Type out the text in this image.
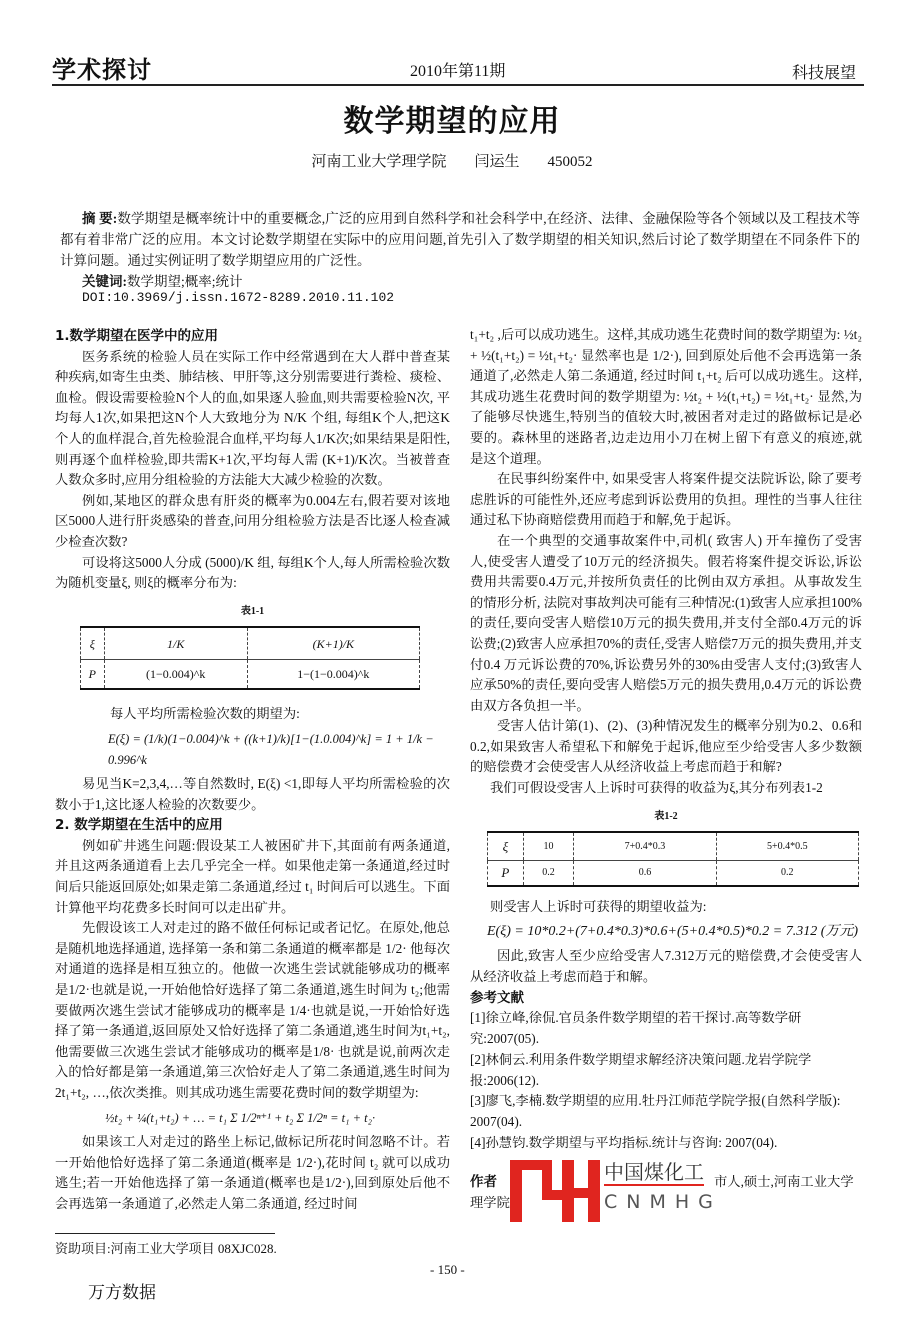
学术探讨	2010年第11期	科技展望
数学期望的应用
河南工业大学理学院 闫运生 450052
摘 要:数学期望是概率统计中的重要概念,广泛的应用到自然科学和社会科学中,在经济、法律、金融保险等各个领域以及工程技术等都有着非常广泛的应用。本文讨论数学期望在实际中的应用问题,首先引入了数学期望的相关知识,然后讨论了数学期望在不同条件下的计算问题。通过实例证明了数学期望应用的广泛性。
关键词:数学期望;概率;统计
DOI:10.3969/j.issn.1672-8289.2010.11.102
1.数学期望在医学中的应用

医务系统的检验人员在实际工作中经常遇到在大人群中普查某种疾病,如寄生虫类、肺结核、甲肝等,这分别需要进行粪检、痰检、血检。假设需要检验N个人的血,如果逐人验血,则共需要检验N次, 平均每人1次,如果把这N个人大致地分为 N/K 个组, 每组K个人,把这K个人的血样混合,首先检验混合血样,平均每人1/K次;如果结果是阳性,则再逐个血样检验,即共需K+1次,平均每人需 (K+1)/K次。当被普查人数众多时,应用分组检验的方法能大大减少检验的次数。

例如,某地区的群众患有肝炎的概率为0.004左右,假若要对该地区5000人进行肝炎感染的普查,问用分组检验方法是否比逐人检查减少检查次数?

可设将这5000人分成 (5000)/K 组, 每组K个人,每人所需检验次数为随机变量ξ, 则ξ的概率分布为:

表1-1
ξ	1/K	(K+1)/K
P	(1−0.004)^k	1−(1−0.004)^k

每人平均所需检验次数的期望为:

E(ξ) = (1/k)(1−0.004)^k + ((k+1)/k)[1−(1.0.004)^k] = 1 + 1/k − 0.996^k

易见当K=2,3,4,…等自然数时, E(ξ) <1,即每人平均所需检验的次数小于1,这比逐人检验的次数要少。

2. 数学期望在生活中的应用

例如矿井逃生问题:假设某工人被困矿井下,其面前有两条通道, 并且这两条通道看上去几乎完全一样。如果他走第一条通道,经过时间后只能返回原处;如果走第二条通道,经过 t₁ 时间后可以逃生。下面计算他平均花费多长时间可以走出矿井。

先假设该工人对走过的路不做任何标记或者记忆。在原处,他总是随机地选择通道, 选择第一条和第二条通道的概率都是 1/2· 他每次对通道的选择是相互独立的。他做一次逃生尝试就能够成功的概率是1/2·也就是说,一开始他恰好选择了第二条通道,逃生时间为 t₂;他需要做两次逃生尝试才能够成功的概率是 1/4·也就是说,一开始恰好选择了第一条通道,返回原处又恰好选择了第二条通道,逃生时间为t₁+t₂,他需要做三次逃生尝试才能够成功的概率是1/8· 也就是说,前两次走入的恰好都是第一条通道,第三次恰好走人了第二条通道,逃生时间为 2t₁+t₂, …,依次类推。则其成功逃生需要花费时间的数学期望为:

½t₂ + ¼(t₁+t₂) + … = t₁ Σ 1/2ⁿ⁺¹ + t₂ Σ 1/2ⁿ = t₁ + t₂·

如果该工人对走过的路坐上标记,做标记所花时间忽略不计。若一开始他恰好选择了第二条通道(概率是 1/2·),花时间 t₂ 就可以成功逃生;若一开始他选择了第一条通道(概率也是1/2·),回到原处后他不会再选第一条通道了,必然走人第二条通道, 经过时间

t₁+t₂ ,后可以成功逃生。这样,其成功逃生花费时间的数学期望为: ½t₂ + ½(t₁+t₂) = ½t₁+t₂· 显然率也是 1/2·), 回到原处后他不会再选第一条通道了,必然走人第二条通道, 经过时间 t₁+t₂ 后可以成功逃生。这样,其成功逃生花费时间的数学期望为: ½t₂ + ½(t₁+t₂) = ½t₁+t₂· 显然,为了能够尽快逃生,特别当的值较大时,被困者对走过的路做标记是必要的。森林里的迷路者,边走边用小刀在树上留下有意义的痕迹,就是这个道理。

在民事纠纷案件中, 如果受害人将案件提交法院诉讼, 除了要考虑胜诉的可能性外,还应考虑到诉讼费用的负担。理性的当事人往往通过私下协商赔偿费用而趋于和解,免于起诉。

在一个典型的交通事故案件中,司机( 致害人) 开车撞伤了受害人,使受害人遭受了10万元的经济损失。假若将案件提交诉讼,诉讼费用共需要0.4万元,并按所负责任的比例由双方承担。从事故发生的情形分析, 法院对事故判决可能有三种情况:(1)致害人应承担100%的责任,要向受害人赔偿10万元的损失费用,并支付全部0.4万元的诉讼费;(2)致害人应承担70%的责任,受害人赔偿7万元的损失费用,并支付0.4 万元诉讼费的70%,诉讼费另外的30%由受害人支付;(3)致害人应承50%的责任,要向受害人赔偿5万元的损失费用,0.4万元的诉讼费由双方各负担一半。

受害人估计第(1)、(2)、(3)种情况发生的概率分别为0.2、0.6和0.2,如果致害人希望私下和解免于起诉,他应至少给受害人多少数额的赔偿费才会使受害人从经济收益上考虑而趋于和解?

我们可假设受害人上诉时可获得的收益为ξ,其分布列表1-2

表1-2
ξ	10	7+0.4*0.3	5+0.4*0.5
P	0.2	0.6	0.2

则受害人上诉时可获得的期望收益为:

E(ξ) = 10*0.2+(7+0.4*0.3)*0.6+(5+0.4*0.5)*0.2 = 7.312 (万元)

因此,致害人至少应给受害人7.312万元的赔偿费,才会使受害人从经济收益上考虑而趋于和解。

参考文献
[1]徐立峰,徐侃.官员条件数学期望的若干探讨.高等数学研究:2007(05).
[2]林侗云.利用条件数学期望求解经济决策问题.龙岩学院学报:2006(12).
[3]廖飞,李楠.数学期望的应用.牡丹江师范学院学报(自然科学版): 2007(04).
[4]孙慧钧.数学期望与平均指标.统计与咨询: 2007(04).
作者
理学院
中国煤化工
CNMHG
市人,硕士,河南工业大学
资助项目:河南工业大学项目 08XJC028.
- 150 -
万方数据
